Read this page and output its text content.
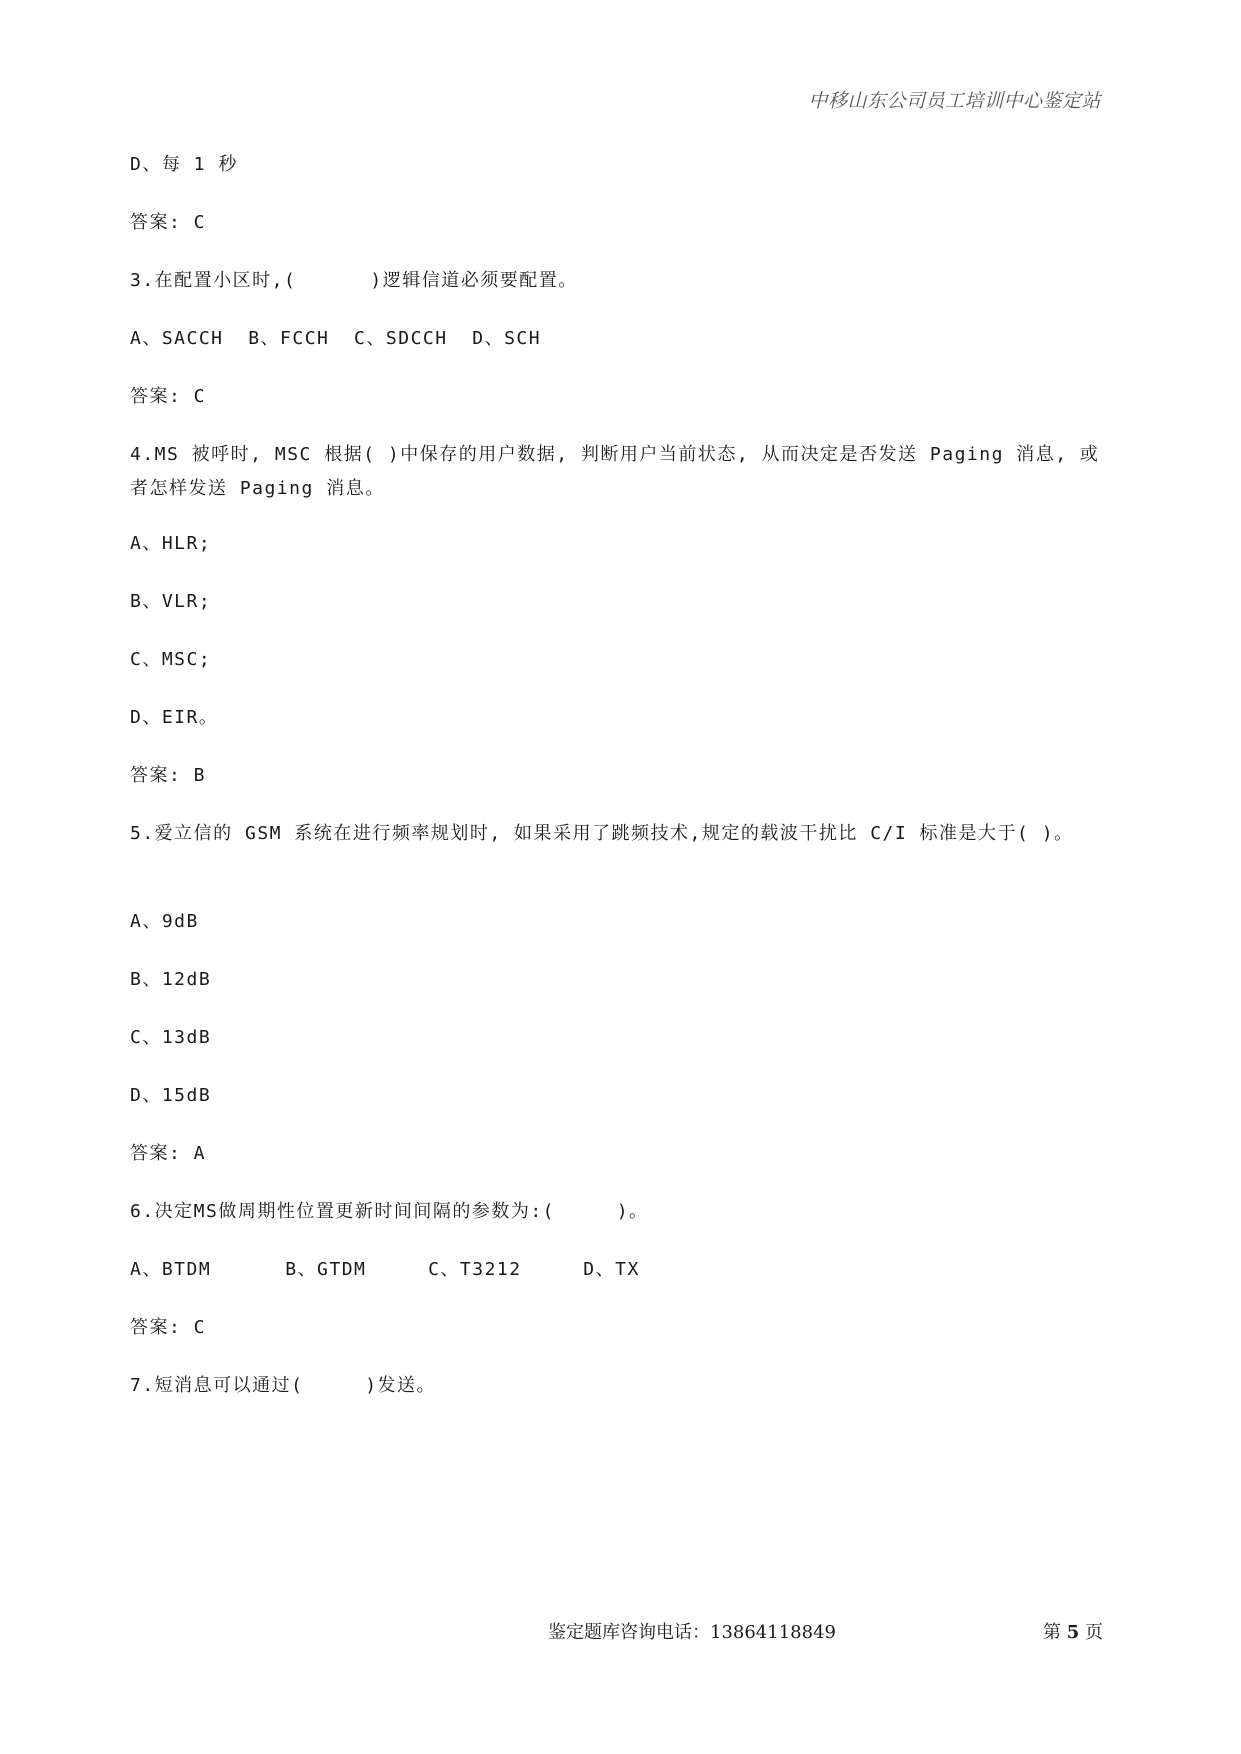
中移山东公司员工培训中心鉴定站
D、每 1 秒
答案: C
3.在配置小区时,(      )逻辑信道必须要配置。
A、SACCH  B、FCCH  C、SDCCH  D、SCH
答案: C
4.MS 被呼时, MSC 根据( )中保存的用户数据, 判断用户当前状态, 从而决定是否发送 Paging 消息, 或者怎样发送 Paging 消息。
A、HLR;
B、VLR;
C、MSC;
D、EIR。
答案: B
5.爱立信的 GSM 系统在进行频率规划时, 如果采用了跳频技术,规定的载波干扰比 C/I 标准是大于( )。
A、9dB
B、12dB
C、13dB
D、15dB
答案: A
6.决定MS做周期性位置更新时间间隔的参数为:(     )。
A、BTDM      B、GTDM     C、T3212     D、TX
答案: C
7.短消息可以通过(     )发送。
鉴定题库咨询电话：13864118849	第 5 页
